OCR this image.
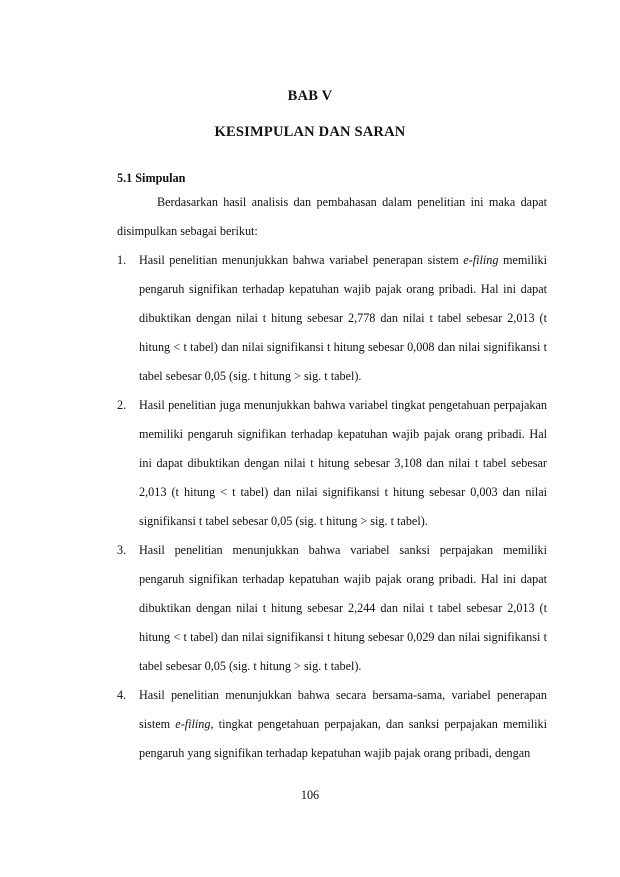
BAB V
KESIMPULAN DAN SARAN
5.1 Simpulan

Berdasarkan hasil analisis dan pembahasan dalam penelitian ini maka dapat disimpulkan sebagai berikut:

1. Hasil penelitian menunjukkan bahwa variabel penerapan sistem e-filing memiliki pengaruh signifikan terhadap kepatuhan wajib pajak orang pribadi. Hal ini dapat dibuktikan dengan nilai t hitung sebesar 2,778 dan nilai t tabel sebesar 2,013 (t hitung < t tabel) dan nilai signifikansi t hitung sebesar 0,008 dan nilai signifikansi t tabel sebesar 0,05 (sig. t hitung > sig. t tabel).
2. Hasil penelitian juga menunjukkan bahwa variabel tingkat pengetahuan perpajakan memiliki pengaruh signifikan terhadap kepatuhan wajib pajak orang pribadi. Hal ini dapat dibuktikan dengan nilai t hitung sebesar 3,108 dan nilai t tabel sebesar 2,013 (t hitung < t tabel) dan nilai signifikansi t hitung sebesar 0,003 dan nilai signifikansi t tabel sebesar 0,05 (sig. t hitung > sig. t tabel).
3. Hasil penelitian menunjukkan bahwa variabel sanksi perpajakan memiliki pengaruh signifikan terhadap kepatuhan wajib pajak orang pribadi. Hal ini dapat dibuktikan dengan nilai t hitung sebesar 2,244 dan nilai t tabel sebesar 2,013 (t hitung < t tabel) dan nilai signifikansi t hitung sebesar 0,029 dan nilai signifikansi t tabel sebesar 0,05 (sig. t hitung > sig. t tabel).
4. Hasil penelitian menunjukkan bahwa secara bersama-sama, variabel penerapan sistem e-filing, tingkat pengetahuan perpajakan, dan sanksi perpajakan memiliki pengaruh yang signifikan terhadap kepatuhan wajib pajak orang pribadi, dengan
106
